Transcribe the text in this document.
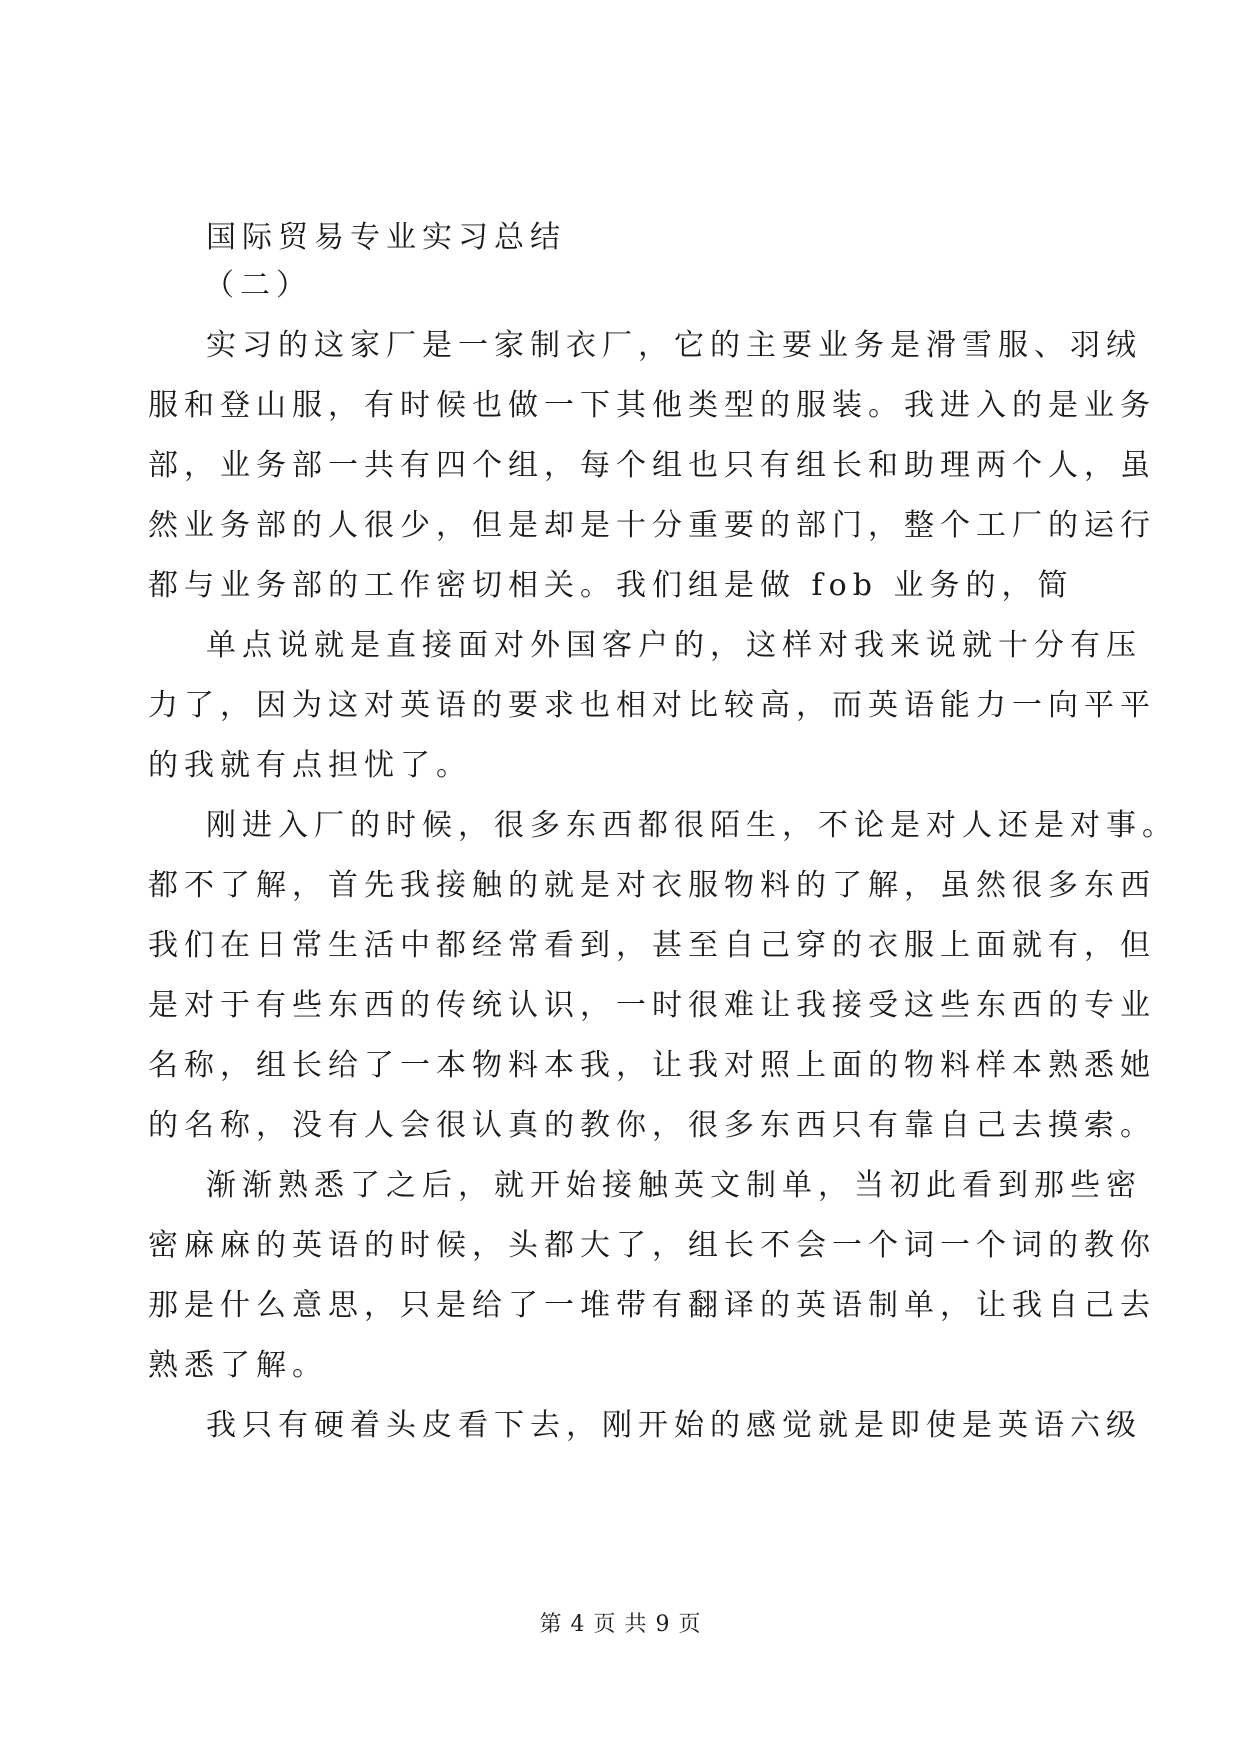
国际贸易专业实习总结
（二）
实习的这家厂是一家制衣厂，它的主要业务是滑雪服、羽绒
服和登山服，有时候也做一下其他类型的服装。我进入的是业务
部，业务部一共有四个组，每个组也只有组长和助理两个人，虽
然业务部的人很少，但是却是十分重要的部门，整个工厂的运行
都与业务部的工作密切相关。我们组是做 fob 业务的，简
单点说就是直接面对外国客户的，这样对我来说就十分有压
力了，因为这对英语的要求也相对比较高，而英语能力一向平平
的我就有点担忧了。
刚进入厂的时候，很多东西都很陌生，不论是对人还是对事。
都不了解，首先我接触的就是对衣服物料的了解，虽然很多东西
我们在日常生活中都经常看到，甚至自己穿的衣服上面就有，但
是对于有些东西的传统认识，一时很难让我接受这些东西的专业
名称，组长给了一本物料本我，让我对照上面的物料样本熟悉她
的名称，没有人会很认真的教你，很多东西只有靠自己去摸索。
渐渐熟悉了之后，就开始接触英文制单，当初此看到那些密
密麻麻的英语的时候，头都大了，组长不会一个词一个词的教你
那是什么意思，只是给了一堆带有翻译的英语制单，让我自己去
熟悉了解。
我只有硬着头皮看下去，刚开始的感觉就是即使是英语六级
第 4 页 共 9 页
